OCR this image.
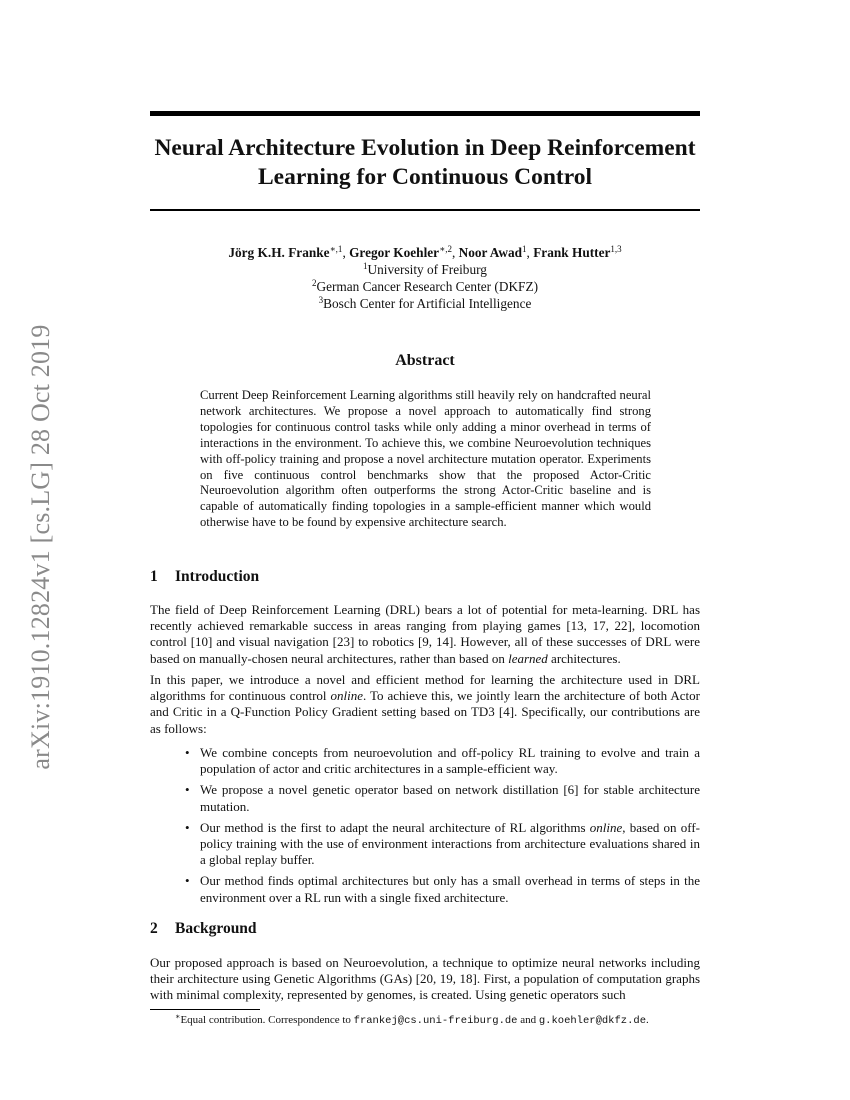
arXiv:1910.12824v1 [cs.LG] 28 Oct 2019
Neural Architecture Evolution in Deep Reinforcement Learning for Continuous Control
Jörg K.H. Franke$^{∗,1}$, Gregor Koehler$^{∗,2}$, Noor Awad$^1$, Frank Hutter$^{1,3}$
$^1$University of Freiburg
$^2$German Cancer Research Center (DKFZ)
$^3$Bosch Center for Artificial Intelligence
Abstract

Current Deep Reinforcement Learning algorithms still heavily rely on handcrafted neural network architectures. We propose a novel approach to automatically find strong topologies for continuous control tasks while only adding a minor overhead in terms of interactions in the environment. To achieve this, we combine Neuroevolution techniques with off-policy training and propose a novel architecture mutation operator. Experiments on five continuous control benchmarks show that the proposed Actor-Critic Neuroevolution algorithm often outperforms the strong Actor-Critic baseline and is capable of automatically finding topologies in a sample-efficient manner which would otherwise have to be found by expensive architecture search.

1 Introduction

The field of Deep Reinforcement Learning (DRL) bears a lot of potential for meta-learning. DRL has recently achieved remarkable success in areas ranging from playing games [13, 17, 22], locomotion control [10] and visual navigation [23] to robotics [9, 14]. However, all of these successes of DRL were based on manually-chosen neural architectures, rather than based on learned architectures.

In this paper, we introduce a novel and efficient method for learning the architecture used in DRL algorithms for continuous control online. To achieve this, we jointly learn the architecture of both Actor and Critic in a Q-Function Policy Gradient setting based on TD3 [4]. Specifically, our contributions are as follows:

• We combine concepts from neuroevolution and off-policy RL training to evolve and train a population of actor and critic architectures in a sample-efficient way.
• We propose a novel genetic operator based on network distillation [6] for stable architecture mutation.
• Our method is the first to adapt the neural architecture of RL algorithms online, based on off-policy training with the use of environment interactions from architecture evaluations shared in a global replay buffer.
• Our method finds optimal architectures but only has a small overhead in terms of steps in the environment over a RL run with a single fixed architecture.
2 Background

Our proposed approach is based on Neuroevolution, a technique to optimize neural networks including their architecture using Genetic Algorithms (GAs) [20, 19, 18]. First, a population of computation graphs with minimal complexity, represented by genomes, is created. Using genetic operators such

∗Equal contribution. Correspondence to frankej@cs.uni-freiburg.de and g.koehler@dkfz.de.
